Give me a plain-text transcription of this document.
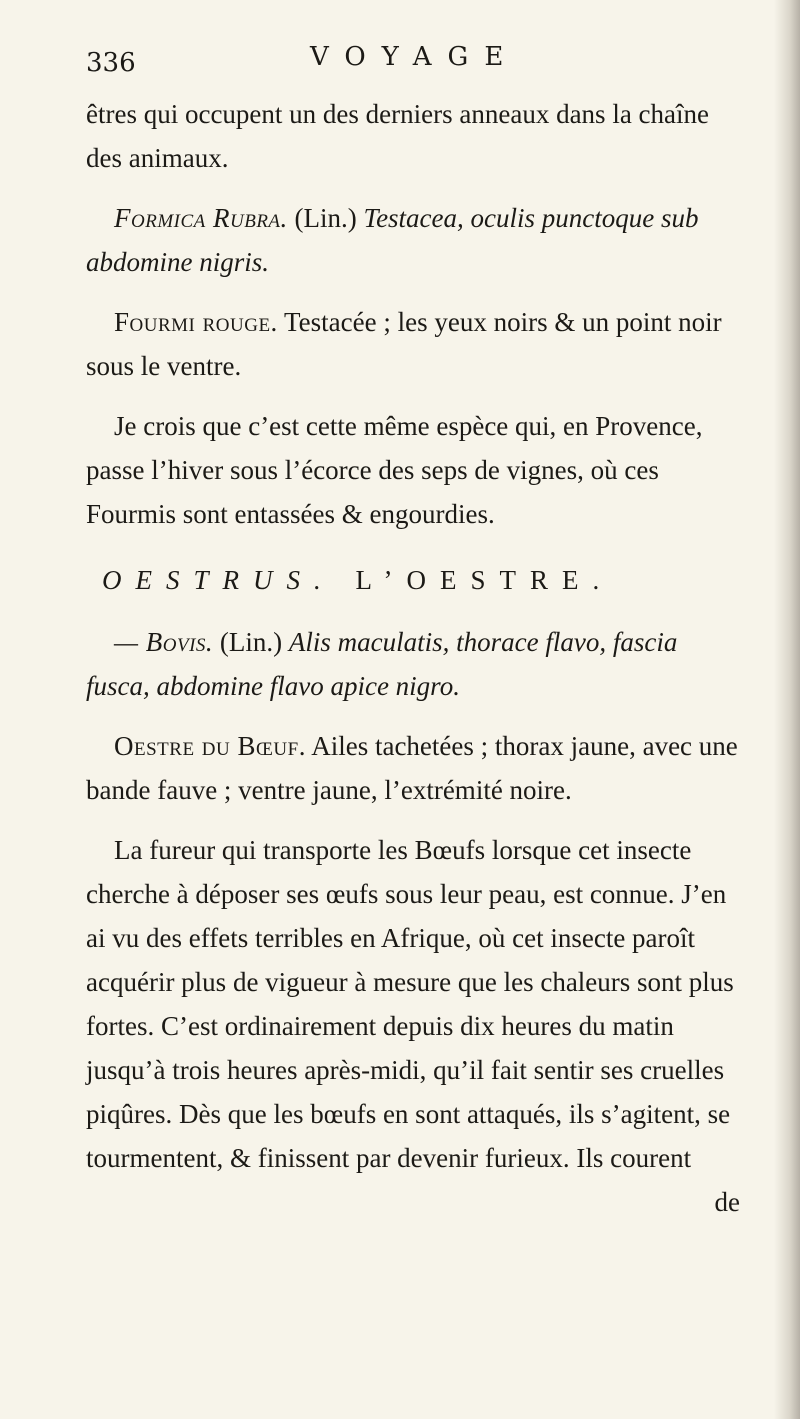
336	VOYAGE

êtres qui occupent un des derniers anneaux dans la chaîne des animaux.

Formica Rubra. (Lin.) Testacea, oculis punctoque sub abdomine nigris.

Fourmi rouge. Testacée ; les yeux noirs & un point noir sous le ventre.

Je crois que c’est cette même espèce qui, en Provence, passe l’hiver sous l’écorce des seps de vignes, où ces Fourmis sont entassées & engourdies.

OESTRUS. L’OESTRE.

— Bovis. (Lin.) Alis maculatis, thorace flavo, fascia fusca, abdomine flavo apice nigro.

Oestre du Bœuf. Ailes tachetées ; thorax jaune, avec une bande fauve ; ventre jaune, l’extrémité noire.

La fureur qui transporte les Bœufs lorsque cet insecte cherche à déposer ses œufs sous leur peau, est connue. J’en ai vu des effets terribles en Afrique, où cet insecte paroît acquérir plus de vigueur à mesure que les chaleurs sont plus fortes. C’est ordinairement depuis dix heures du matin jusqu’à trois heures après-midi, qu’il fait sentir ses cruelles piqûres. Dès que les bœufs en sont attaqués, ils s’agitent, se tourmentent, & finissent par devenir furieux. Ils courent

de
